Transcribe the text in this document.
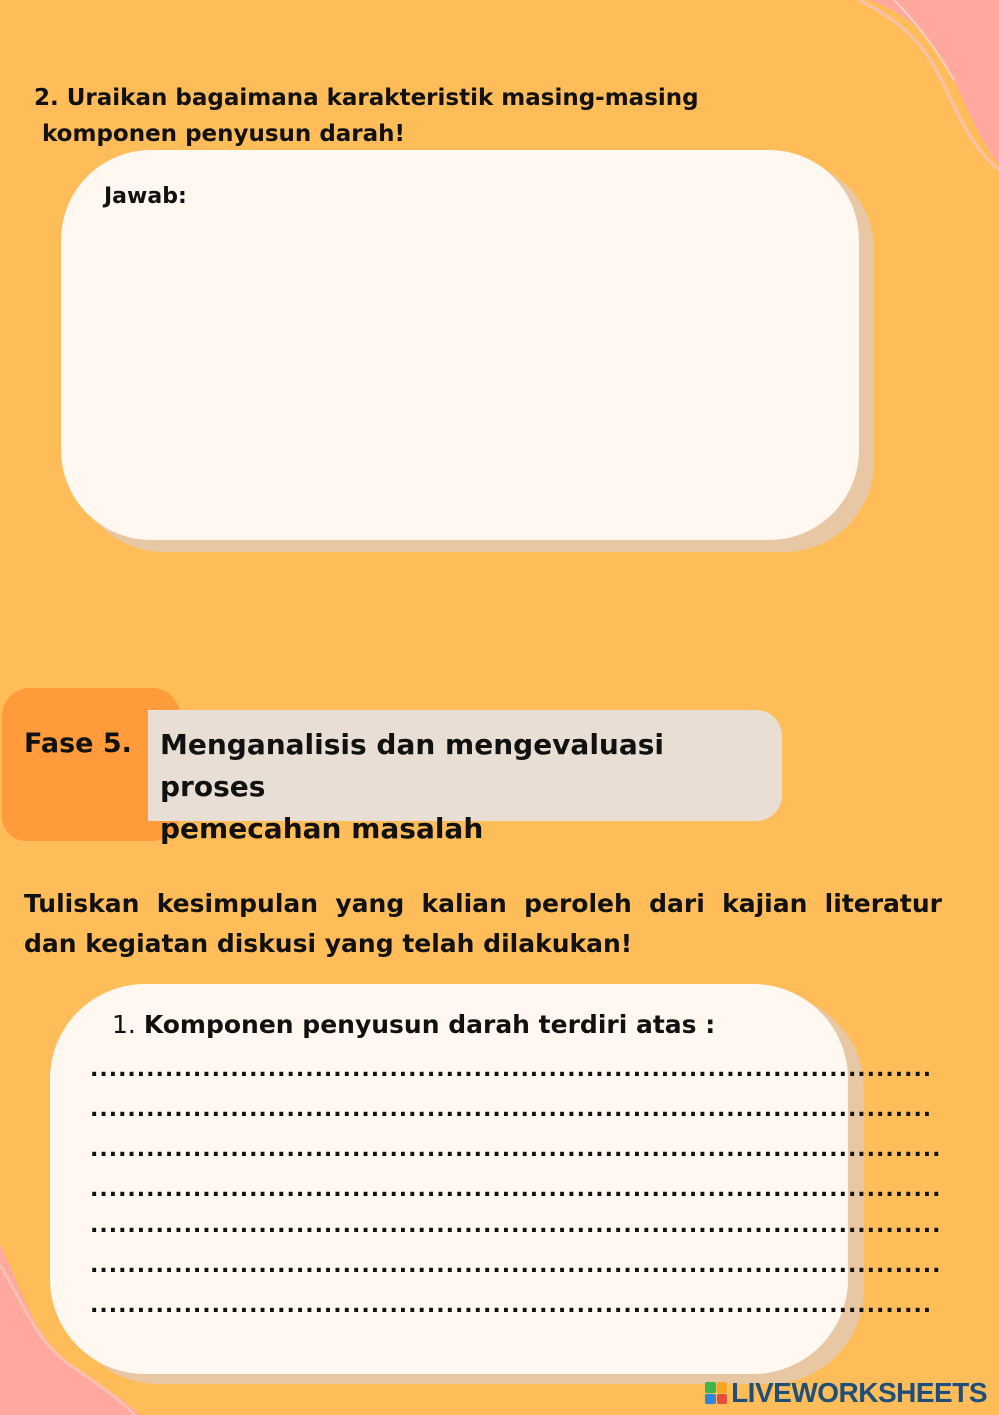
2. Uraikan bagaimana karakteristik masing-masing
komponen penyusun darah!
Jawab:
Fase 5. Menganalisis dan mengevaluasi proses
pemecahan masalah
Tuliskan kesimpulan yang kalian peroleh dari kajian literatur dan kegiatan diskusi yang telah dilakukan!
1. Komponen penyusun darah terdiri atas :
..........................................................................................
..........................................................................................
...........................................................................................
...........................................................................................
...........................................................................................
...........................................................................................
..........................................................................................
LIVEWORKSHEETS
